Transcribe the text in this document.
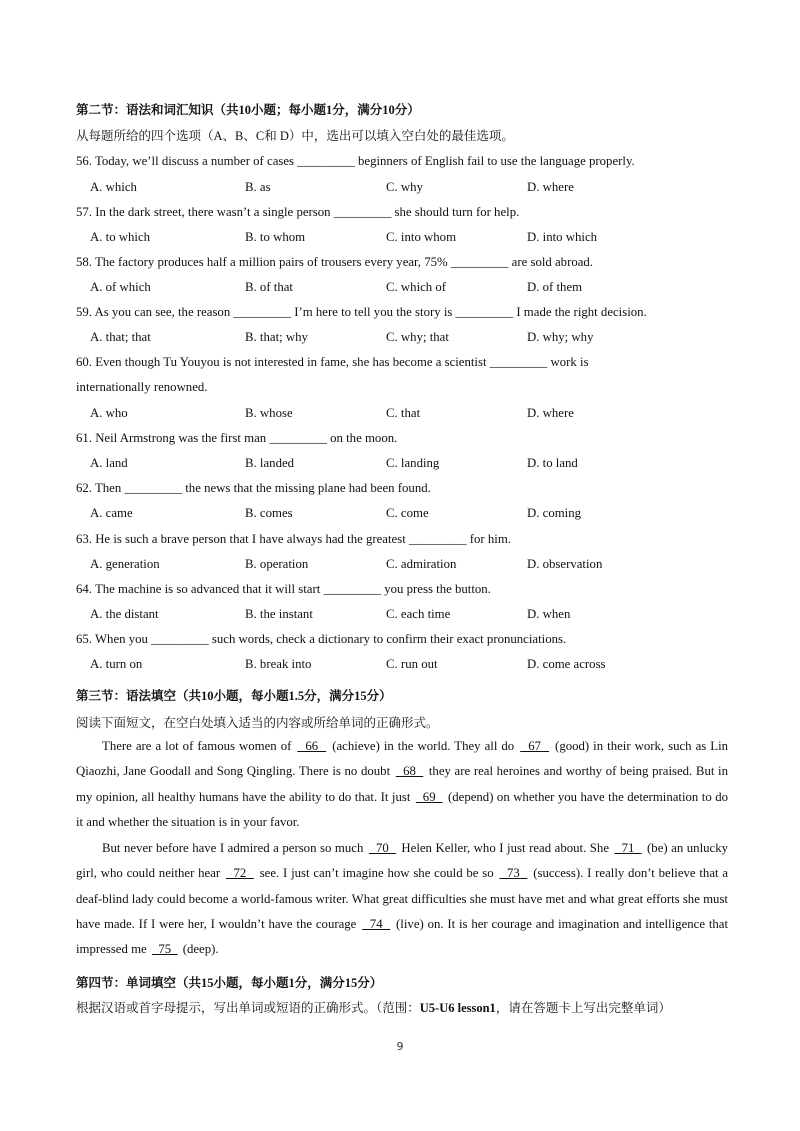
第二节：语法和词汇知识（共10小题；每小题1分，满分10分）
从每题所给的四个选项（A、B、C和 D）中，选出可以填入空白处的最佳选项。
56. Today, we’ll discuss a number of cases _________ beginners of English fail to use the language properly.
A. which	B. as	C. why	D. where
57. In the dark street, there wasn’t a single person _________ she should turn for help.
A. to which	B. to whom	C. into whom	D. into which
58. The factory produces half a million pairs of trousers every year, 75% _________ are sold abroad.
A. of which	B. of that	C. which of	D. of them
59. As you can see, the reason _________ I’m here to tell you the story is _________ I made the right decision.
A. that; that	B. that; why	C. why; that	D. why; why
60. Even though Tu Youyou is not interested in fame, she has become a scientist _________ work is
internationally renowned.
A. who	B. whose	C. that	D. where
61. Neil Armstrong was the first man _________ on the moon.
A. land	B. landed	C. landing	D. to land
62. Then _________ the news that the missing plane had been found.
A. came	B. comes	C. come	D. coming
63. He is such a brave person that I have always had the greatest _________ for him.
A. generation	B. operation	C. admiration	D. observation
64. The machine is so advanced that it will start _________ you press the button.
A. the distant	B. the instant	C. each time	D. when
65. When you _________ such words, check a dictionary to confirm their exact pronunciations.
A. turn on	B. break into	C. run out	D. come across
第三节：语法填空（共10小题，每小题1.5分，满分15分）
阅读下面短文，在空白处填入适当的内容或所给单词的正确形式。
There are a lot of famous women of   66   (achieve) in the world. They all do   67   (good) in their work, such as Lin Qiaozhi, Jane Goodall and Song Qingling. There is no doubt   68   they are real heroines and worthy of being praised. But in my opinion, all healthy humans have the ability to do that. It just   69   (depend) on whether you have the determination to do it and whether the situation is in your favor.
But never before have I admired a person so much   70   Helen Keller, who I just read about. She   71   (be) an unlucky girl, who could neither hear   72   see. I just can’t imagine how she could be so   73   (success). I really don’t believe that a deaf-blind lady could become a world-famous writer. What great difficulties she must have met and what great efforts she must have made. If I were her, I wouldn’t have the courage   74   (live) on. It is her courage and imagination and intelligence that impressed me   75   (deep).
第四节：单词填空（共15小题，每小题1分，满分15分）
根据汉语或首字母提示，写出单词或短语的正确形式。（范围：U5-U6 lesson1，请在答题卡上写出完整单词）
9
